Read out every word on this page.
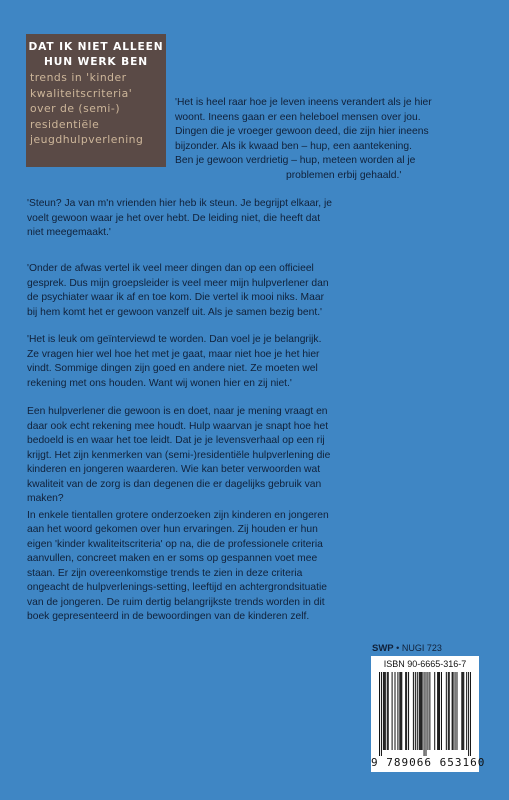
DAT IK NIET ALLEEN
HUN WERK BEN
trends in 'kinder
kwaliteitscriteria'
over de (semi-)
residentiële
jeugdhulpverlening

'Het is heel raar hoe je leven ineens verandert als je hier

woont. Ineens gaan er een heleboel mensen over jou.

Dingen die je vroeger gewoon deed, die zijn hier ineens

bijzonder. Als ik kwaad ben – hup, een aantekening.

Ben je gewoon verdrietig – hup, meteen worden al je

problemen erbij gehaald.'

'Steun? Ja van m'n vrienden hier heb ik steun. Je begrijpt elkaar, je

voelt gewoon waar je het over hebt. De leiding niet, die heeft dat

niet meegemaakt.'

'Onder de afwas vertel ik veel meer dingen dan op een officieel

gesprek. Dus mijn groepsleider is veel meer mijn hulpverlener dan

de psychiater waar ik af en toe kom. Die vertel ik mooi niks. Maar

bij hem komt het er gewoon vanzelf uit. Als je samen bezig bent.'

'Het is leuk om geïnterviewd te worden. Dan voel je je belangrijk.

Ze vragen hier wel hoe het met je gaat, maar niet hoe je het hier

vindt. Sommige dingen zijn goed en andere niet. Ze moeten wel

rekening met ons houden. Want wij wonen hier en zij niet.'

Een hulpverlener die gewoon is en doet, naar je mening vraagt en

daar ook echt rekening mee houdt. Hulp waarvan je snapt hoe het

bedoeld is en waar het toe leidt. Dat je je levensverhaal op een rij

krijgt. Het zijn kenmerken van (semi-)residentiële hulpverlening die

kinderen en jongeren waarderen. Wie kan beter verwoorden wat

kwaliteit van de zorg is dan degenen die er dagelijks gebruik van

maken?

In enkele tientallen grotere onderzoeken zijn kinderen en jongeren

aan het woord gekomen over hun ervaringen. Zij houden er hun

eigen 'kinder kwaliteitscriteria' op na, die de professionele criteria

aanvullen, concreet maken en er soms op gespannen voet mee

staan. Er zijn overeenkomstige trends te zien in deze criteria

ongeacht de hulpverlenings-setting, leeftijd en achtergrondsituatie

van de jongeren. De ruim dertig belangrijkste trends worden in dit

boek gepresenteerd in de bewoordingen van de kinderen zelf.

SWP • NUGI 723
ISBN 90-6665-316-7
9 789066 653160
